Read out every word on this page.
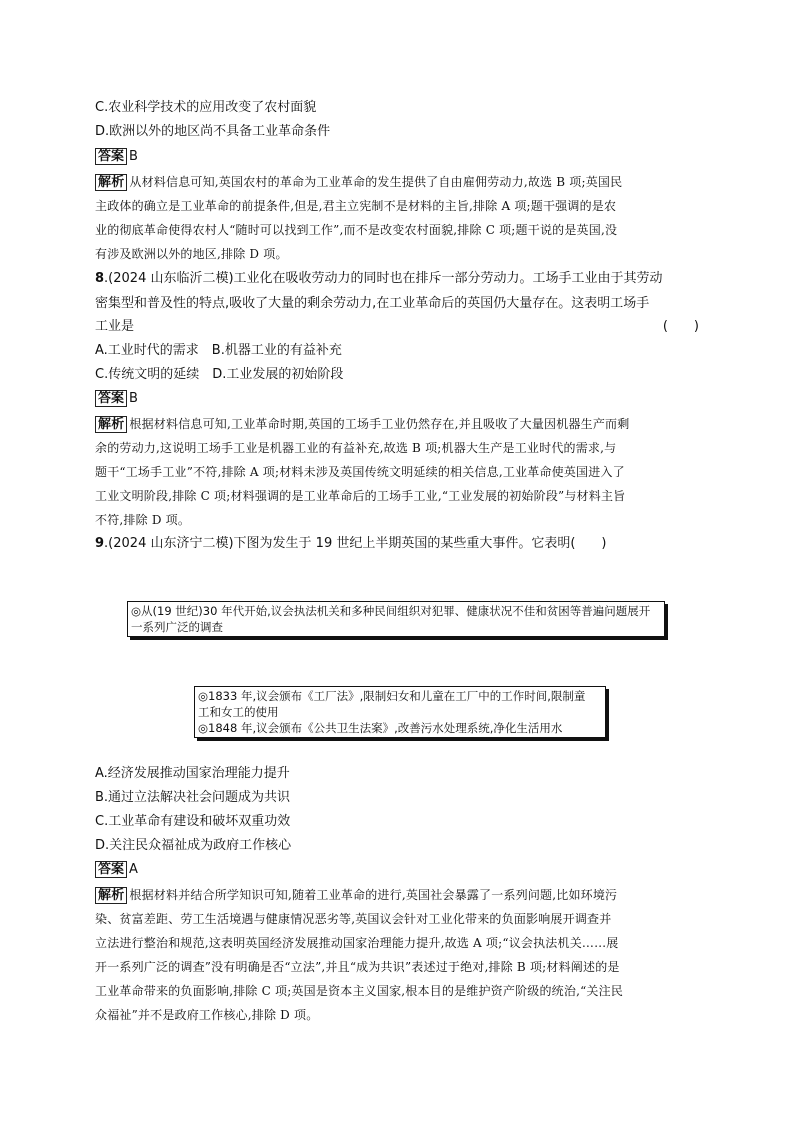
C.农业科学技术的应用改变了农村面貌
D.欧洲以外的地区尚不具备工业革命条件
答案 B
解析 从材料信息可知,英国农村的革命为工业革命的发生提供了自由雇佣劳动力,故选 B 项;英国民
主政体的确立是工业革命的前提条件,但是,君主立宪制不是材料的主旨,排除 A 项;题干强调的是农
业的彻底革命使得农村人“随时可以找到工作”,而不是改变农村面貌,排除 C 项;题干说的是英国,没
有涉及欧洲以外的地区,排除 D 项。
8.(2024 山东临沂二模)工业化在吸收劳动力的同时也在排斥一部分劳动力。工场手工业由于其劳动
密集型和普及性的特点,吸收了大量的剩余劳动力,在工业革命后的英国仍大量存在。这表明工场手
工业是	(　　)
A.工业时代的需求　B.机器工业的有益补充
C.传统文明的延续　D.工业发展的初始阶段
答案 B
解析 根据材料信息可知,工业革命时期,英国的工场手工业仍然存在,并且吸收了大量因机器生产而剩
余的劳动力,这说明工场手工业是机器工业的有益补充,故选 B 项;机器大生产是工业时代的需求,与
题干“工场手工业”不符,排除 A 项;材料未涉及英国传统文明延续的相关信息,工业革命使英国进入了
工业文明阶段,排除 C 项;材料强调的是工业革命后的工场手工业,“工业发展的初始阶段”与材料主旨
不符,排除 D 项。
9.(2024 山东济宁二模)下图为发生于 19 世纪上半期英国的某些重大事件。它表明(　　)
◎从(19 世纪)30 年代开始,议会执法机关和多种民间组织对犯罪、健康状况不佳和贫困等普遍问题展开
一系列广泛的调查
◎1833 年,议会颁布《工厂法》,限制妇女和儿童在工厂中的工作时间,限制童
工和女工的使用
◎1848 年,议会颁布《公共卫生法案》,改善污水处理系统,净化生活用水
A.经济发展推动国家治理能力提升
B.通过立法解决社会问题成为共识
C.工业革命有建设和破坏双重功效
D.关注民众福祉成为政府工作核心
答案 A
解析 根据材料并结合所学知识可知,随着工业革命的进行,英国社会暴露了一系列问题,比如环境污
染、贫富差距、劳工生活境遇与健康情况恶劣等,英国议会针对工业化带来的负面影响展开调查并
立法进行整治和规范,这表明英国经济发展推动国家治理能力提升,故选 A 项;“议会执法机关……展
开一系列广泛的调查”没有明确是否“立法”,并且“成为共识”表述过于绝对,排除 B 项;材料阐述的是
工业革命带来的负面影响,排除 C 项;英国是资本主义国家,根本目的是维护资产阶级的统治,“关注民
众福祉”并不是政府工作核心,排除 D 项。
